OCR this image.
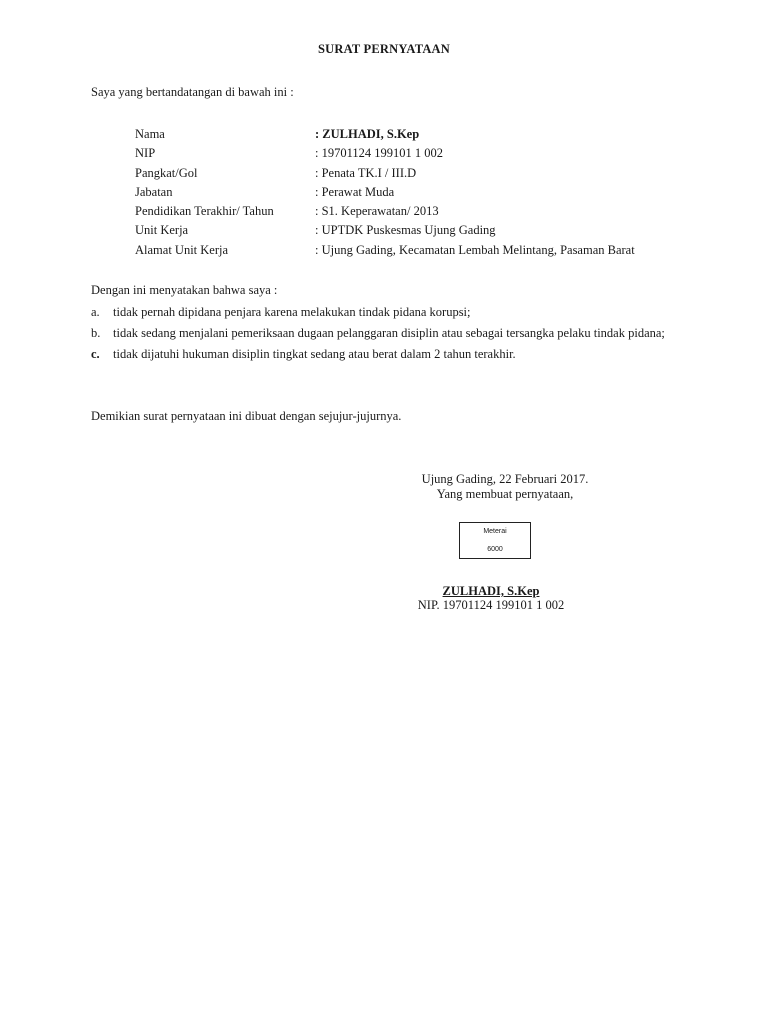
SURAT PERNYATAAN
Saya yang bertandatangan di bawah ini :
Nama	: ZULHADI, S.Kep
NIP	: 19701124 199101 1 002
Pangkat/Gol	: Penata TK.I / III.D
Jabatan	: Perawat Muda
Pendidikan Terakhir/ Tahun	: S1. Keperawatan/ 2013
Unit Kerja	: UPTDK Puskesmas Ujung Gading
Alamat Unit Kerja	: Ujung Gading, Kecamatan Lembah Melintang, Pasaman Barat
Dengan ini menyatakan bahwa saya :
a. tidak pernah dipidana penjara karena melakukan tindak pidana korupsi;
b. tidak sedang menjalani pemeriksaan dugaan pelanggaran disiplin atau sebagai tersangka pelaku tindak pidana;
c. tidak dijatuhi hukuman disiplin tingkat sedang atau berat dalam 2 tahun terakhir.
Demikian surat pernyataan ini dibuat dengan sejujur-jujurnya.
Ujung Gading, 22 Februari 2017.
Yang membuat pernyataan,
Meterai
6000
ZULHADI, S.Kep
NIP. 19701124 199101 1 002
